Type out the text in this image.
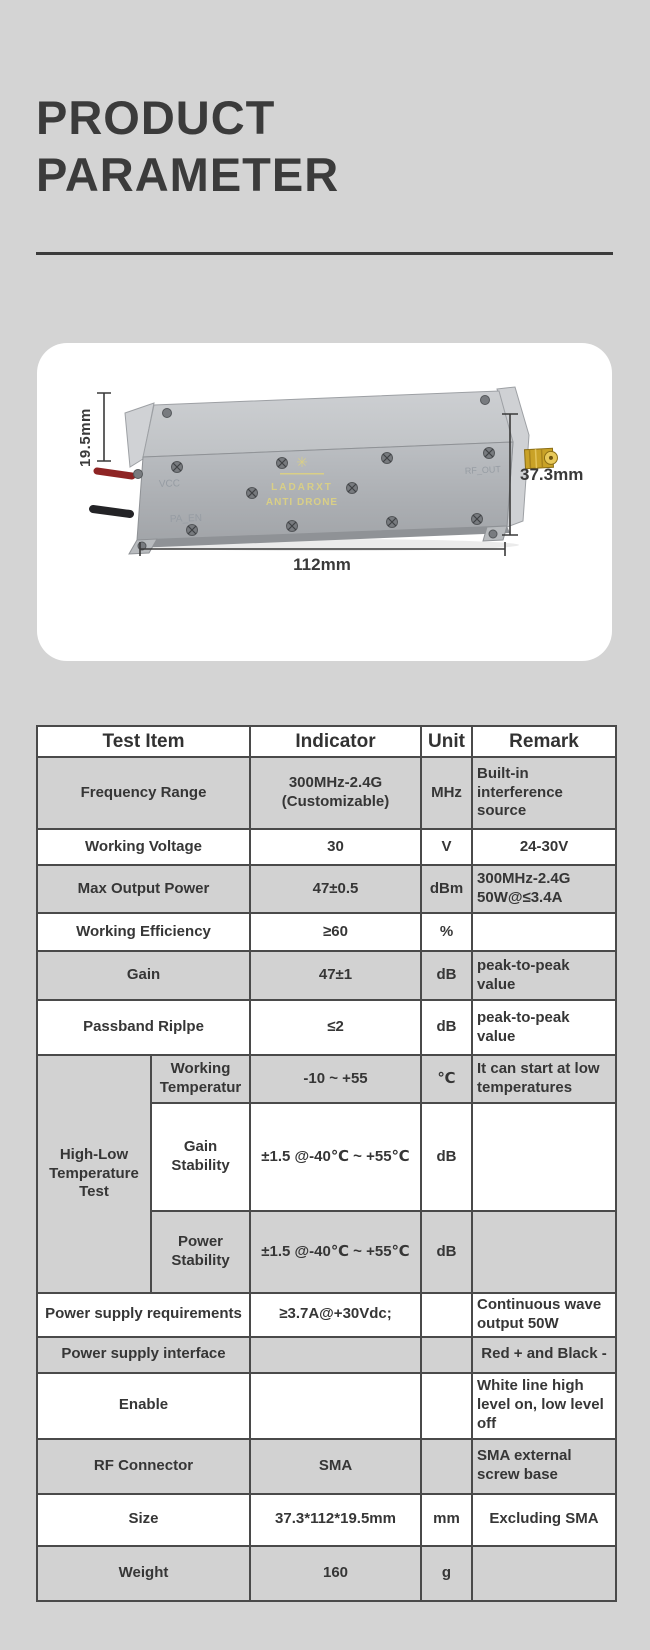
PRODUCT
PARAMETER
VCC
PA_EN
RF_OUT
✳
LADARXT
ANTI DRONE
19.5mm
37.3mm
112mm
Test Item		Indicator	Unit	Remark
Frequency Range		300MHz-2.4G (Customizable)	MHz	Built-in interference source
Working Voltage		30	V	24-30V
Max Output Power		47±0.5	dBm	300MHz-2.4G 50W@≤3.4A
Working Efficiency		≥60	%	
Gain		47±1	dB	peak-to-peak value
Passband Riplpe		≤2	dB	peak-to-peak value
High-Low Temperature Test	Working Temperatur	-10 ~ +55	℃	It can start at low temperatures
	Gain Stability	±1.5 @-40℃ ~ +55℃	dB	
	Power Stability	±1.5 @-40℃ ~ +55℃	dB	
Power supply requirements		≥3.7A@+30Vdc;		Continuous wave output 50W
Power supply interface				Red + and Black -
Enable				White line high level on, low level off
RF Connector		SMA		SMA external screw base
Size		37.3*112*19.5mm	mm	Excluding SMA
Weight		160	g	
